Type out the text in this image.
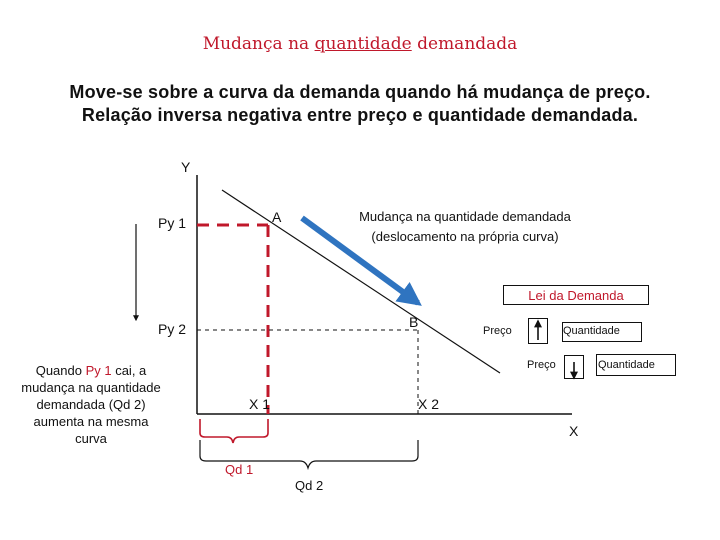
Mudança na quantidade demandada
Move-se sobre a curva da demanda quando há mudança de preço.
Relação inversa negativa entre preço e quantidade demandada.
Y
X
Py 1
Py 2
A
B
X 1	X 2
Qd 1
Qd 2
Mudança na quantidade demandada
(deslocamento na própria curva)
Lei da Demanda
Preço	Quantidade
Preço	Quantidade
Quando Py 1 cai, a mudança na quantidade demandada (Qd 2) aumenta na mesma curva
